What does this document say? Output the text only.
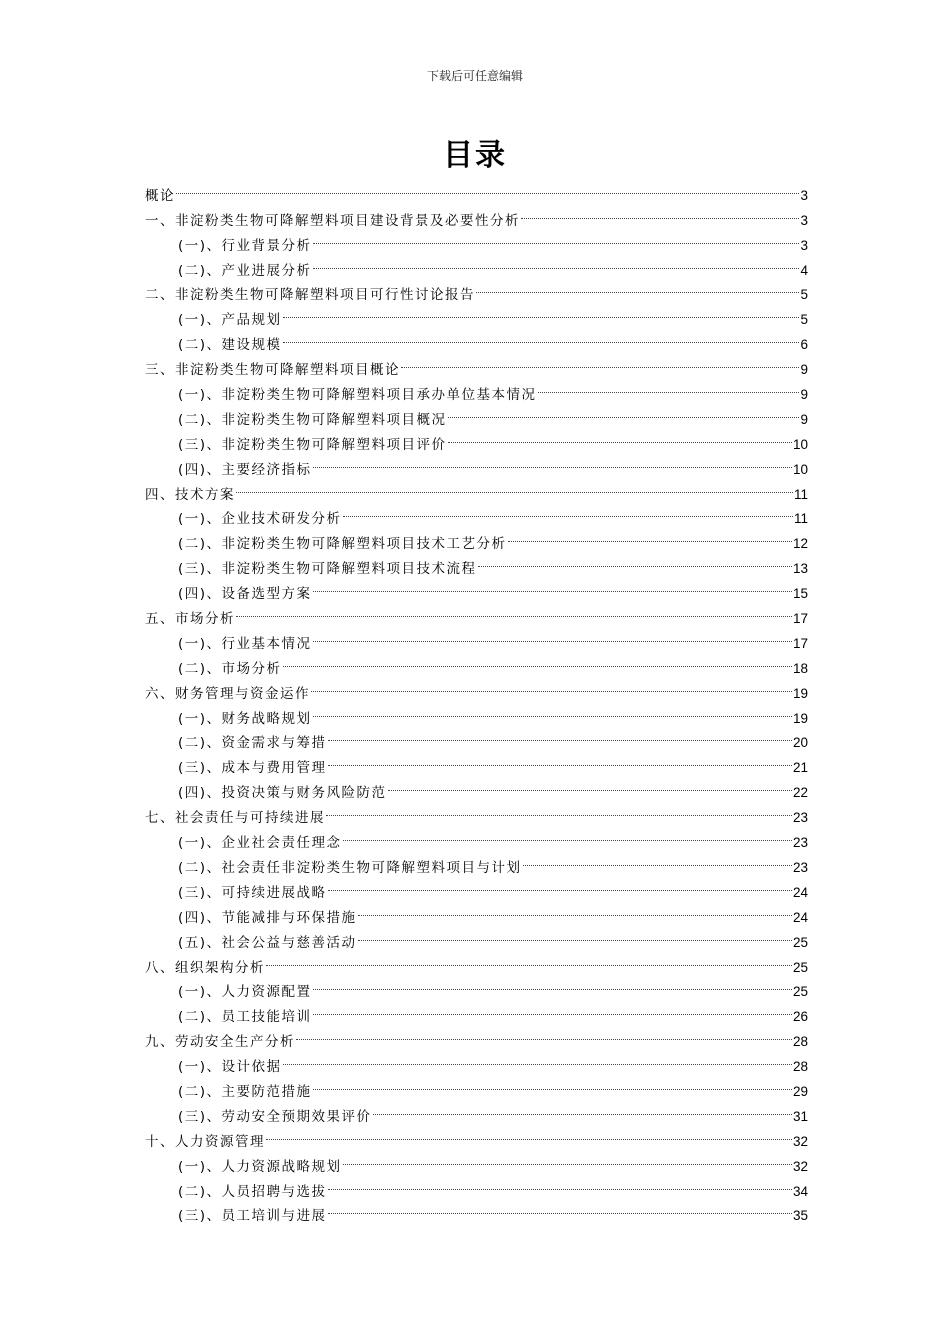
下载后可任意编辑
目录
概论	3
一、非淀粉类生物可降解塑料项目建设背景及必要性分析	3
(一)、行业背景分析	3
(二)、产业进展分析	4
二、非淀粉类生物可降解塑料项目可行性讨论报告	5
(一)、产品规划	5
(二)、建设规模	6
三、非淀粉类生物可降解塑料项目概论	9
(一)、非淀粉类生物可降解塑料项目承办单位基本情况	9
(二)、非淀粉类生物可降解塑料项目概况	9
(三)、非淀粉类生物可降解塑料项目评价	10
(四)、主要经济指标	10
四、技术方案	11
(一)、企业技术研发分析	11
(二)、非淀粉类生物可降解塑料项目技术工艺分析	12
(三)、非淀粉类生物可降解塑料项目技术流程	13
(四)、设备选型方案	15
五、市场分析	17
(一)、行业基本情况	17
(二)、市场分析	18
六、财务管理与资金运作	19
(一)、财务战略规划	19
(二)、资金需求与筹措	20
(三)、成本与费用管理	21
(四)、投资决策与财务风险防范	22
七、社会责任与可持续进展	23
(一)、企业社会责任理念	23
(二)、社会责任非淀粉类生物可降解塑料项目与计划	23
(三)、可持续进展战略	24
(四)、节能减排与环保措施	24
(五)、社会公益与慈善活动	25
八、组织架构分析	25
(一)、人力资源配置	25
(二)、员工技能培训	26
九、劳动安全生产分析	28
(一)、设计依据	28
(二)、主要防范措施	29
(三)、劳动安全预期效果评价	31
十、人力资源管理	32
(一)、人力资源战略规划	32
(二)、人员招聘与选拔	34
(三)、员工培训与进展	35
